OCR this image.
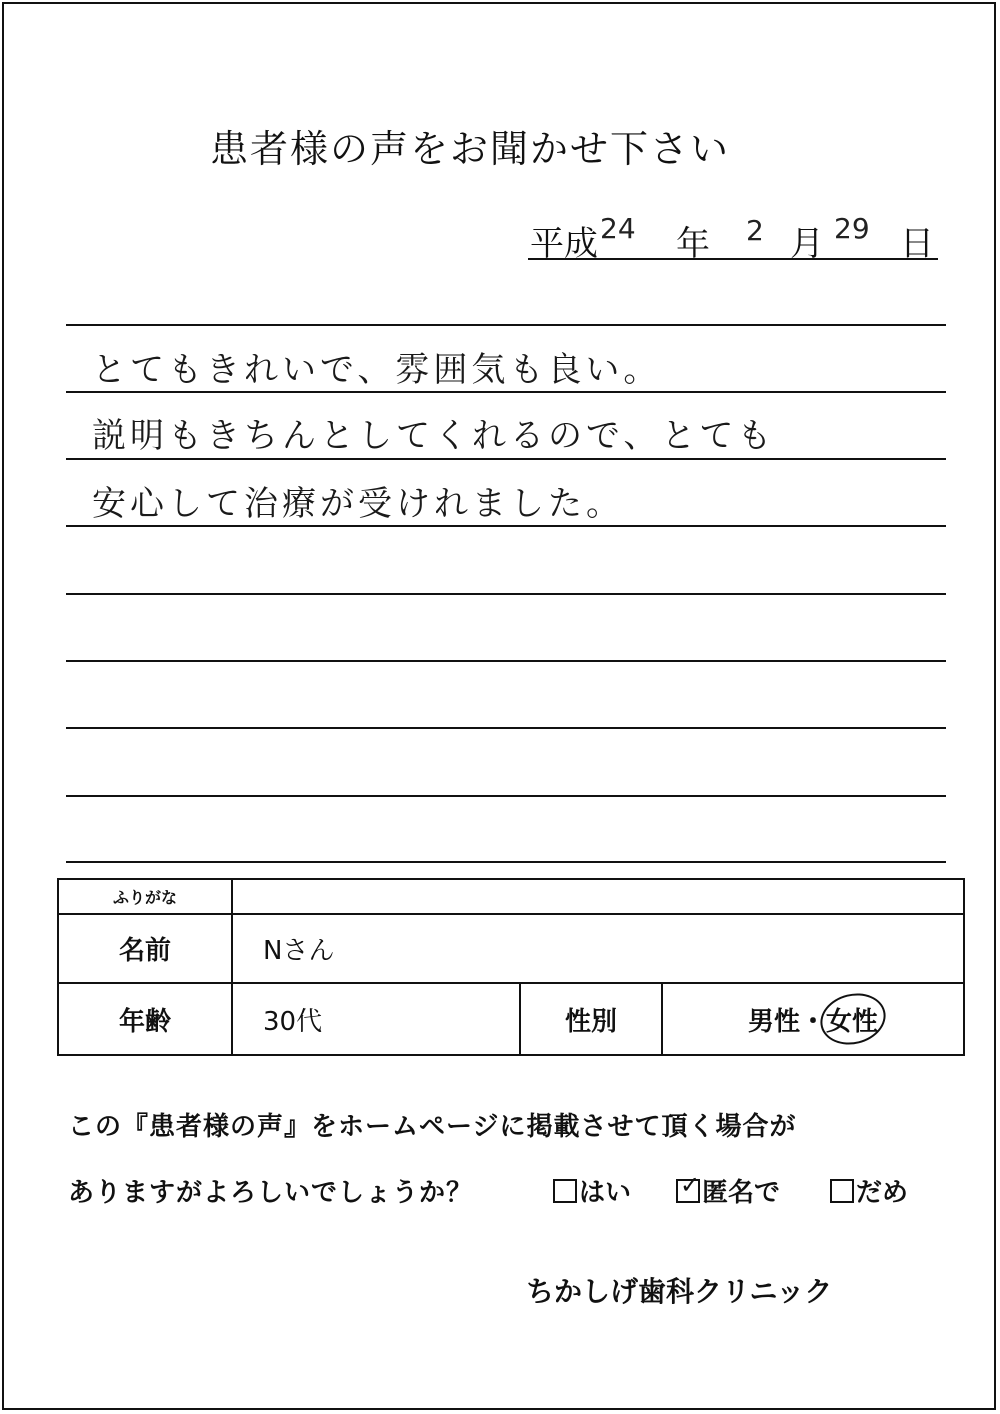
患者様の声をお聞かせ下さい
平成 24 年 2 月 29 日
とてもきれいで、雰囲気も良い。
説明もきちんとしてくれるので、とても
安心して治療が受けれました。
ふりがな			
名前	Nさん		
年齢	30代	性別	男性・女性
この『患者様の声』をホームページに掲載させて頂く場合が
ありますがよろしいでしょうか？	はい ✓ 匿名で	だめ
ちかしげ歯科クリニック
